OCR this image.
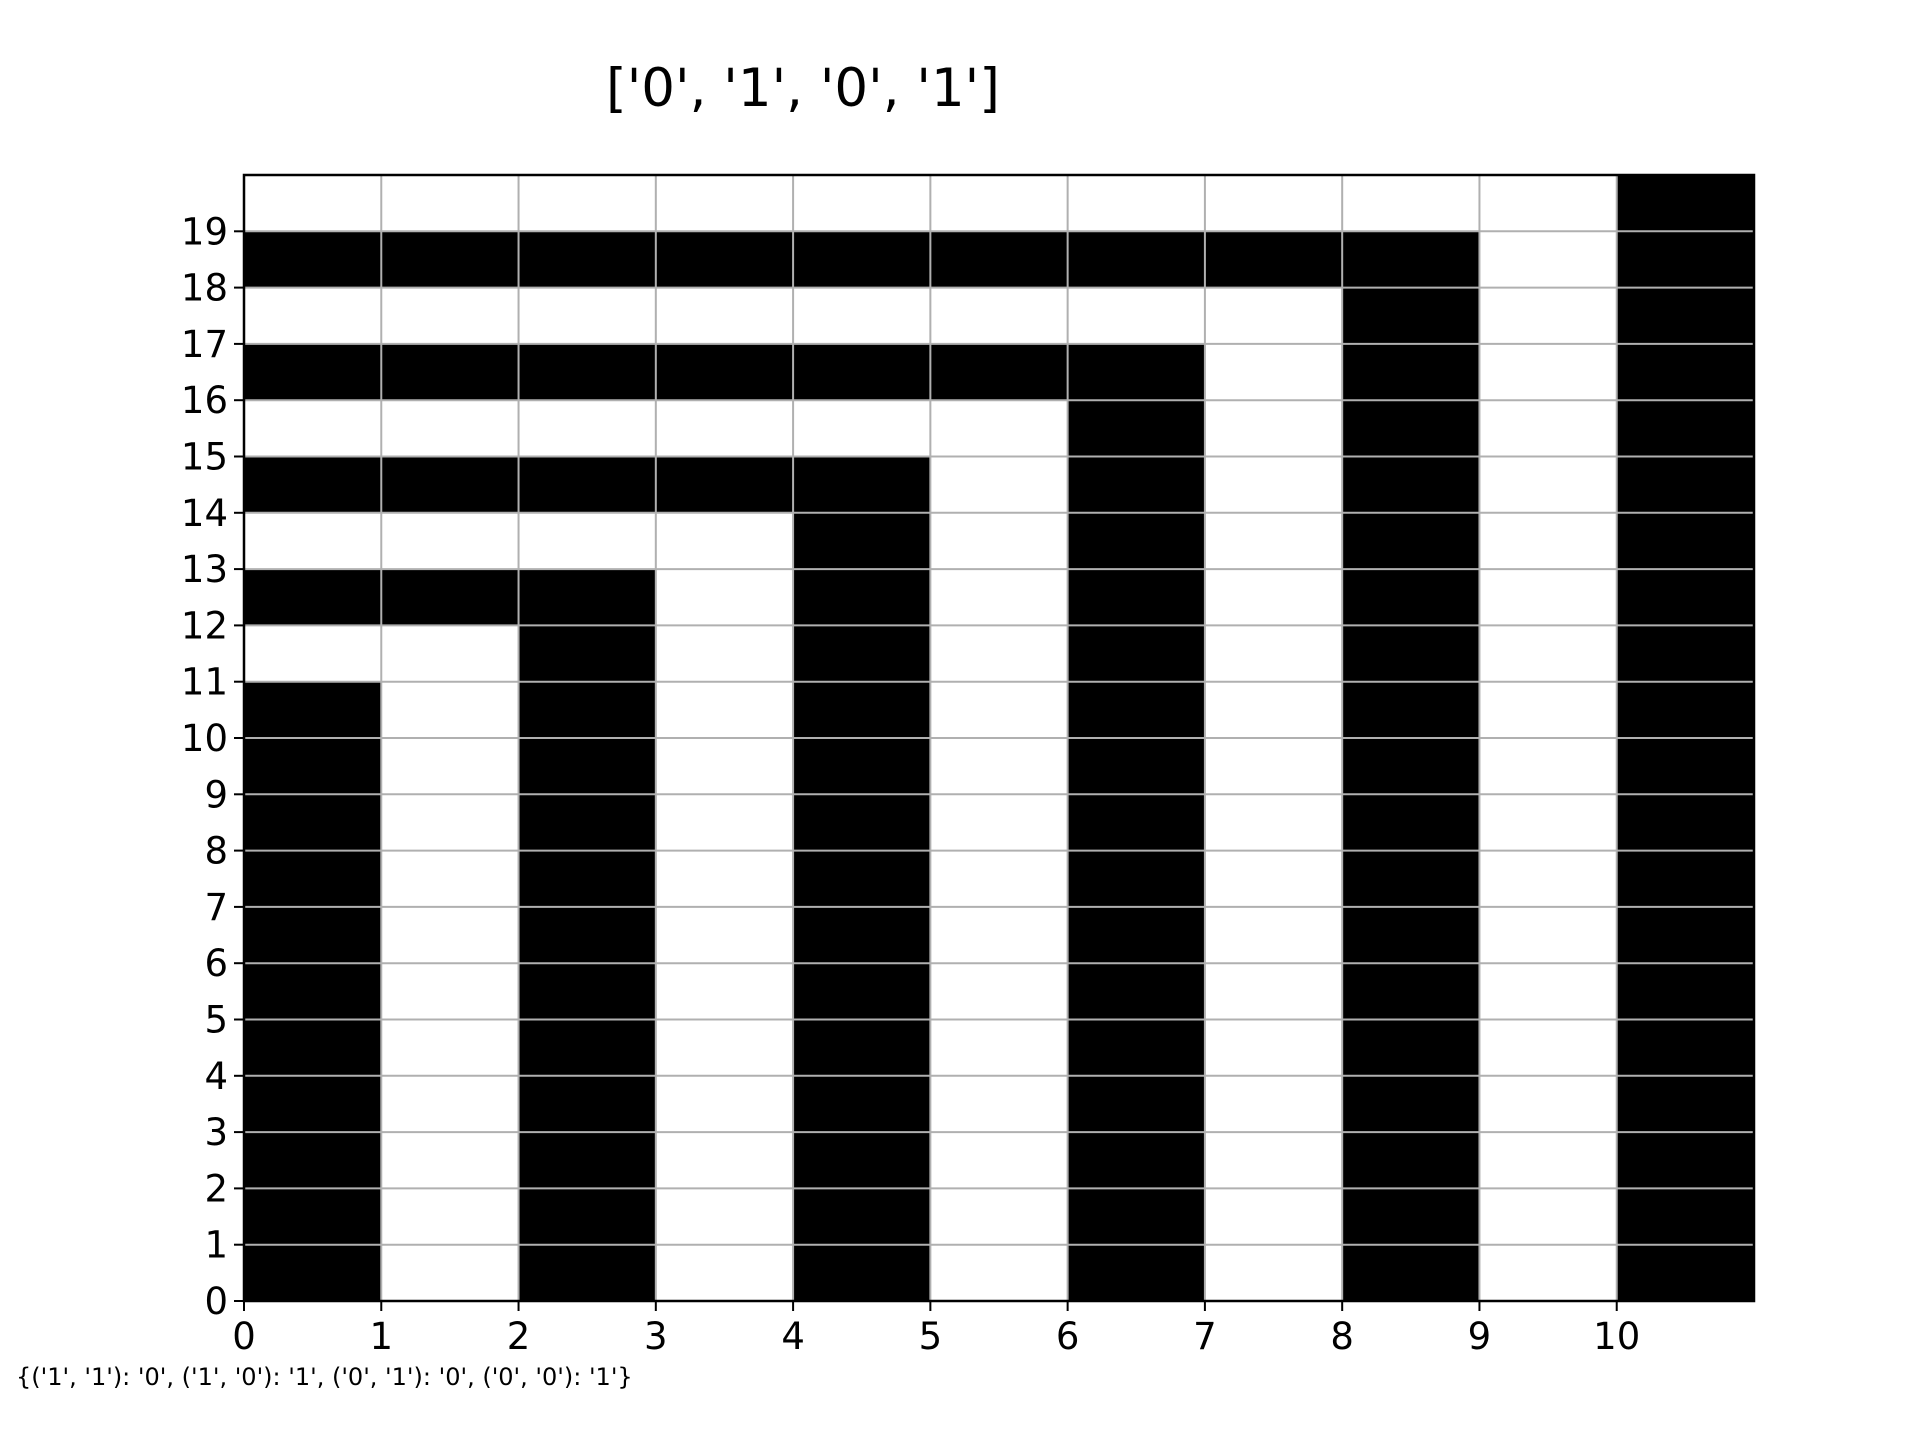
['0', '1', '0', '1']
0	1	2	3	4	5	6	7	8	9	10
0
1
2
3
4
5
6
7
8
9
10
11
12
13
14
15
16
17
18
19
{('1', '1'): '0', ('1', '0'): '1', ('0', '1'): '0', ('0', '0'): '1'}
